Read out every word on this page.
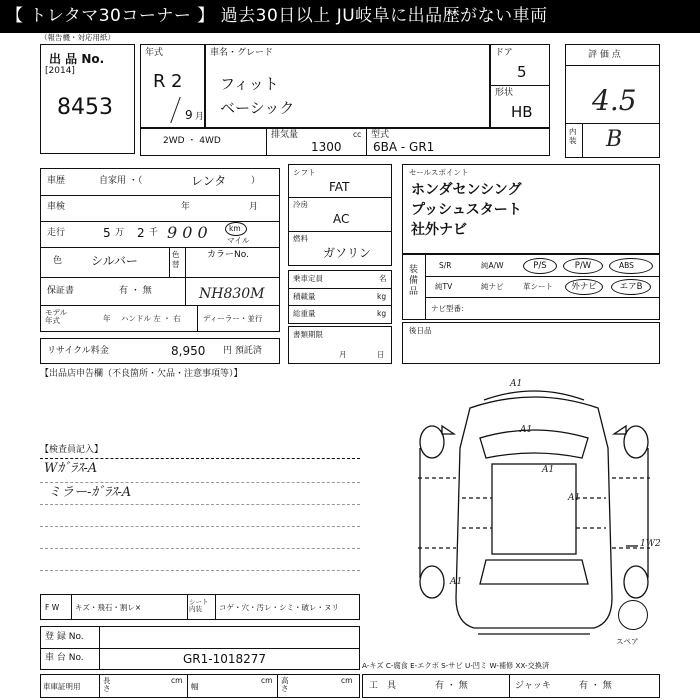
【 トレタマ30コーナー 】 過去30日以上 JU岐阜に出品歴がない車両
（報告機・対応用紙）
出 品 No.
[2014]
8453
年式
R 2
9 月
車名・グレード
フィット
ベーシック
ドア
5
形状
HB
評 価 点
4.5
内装 B
2WD ・ 4WD
排気量	cc
1300
型式
6BA - GR1
車歴	自家用 ・（	レンタ	）
車検	年	月
走行	5 万 2 千 9 0 0	km
マイル
色 シルバー	色替
カラーNo.
保証書	有 ・ 無	NH830M
モデル年式	年 ハンドル 左 ・ 右	ディーラー・並行
リサイクル料金	8,950 円 預託済
【出品店申告欄（不良箇所・欠品・注意事項等）】
【検査員記入】
Wｶﾞﾗｽ-A
ミラー-ｶﾞﾗｽ-A
シフト
FAT
冷房
AC
燃料
ガソリン
乗車定員	名
積載量	kg
総重量	kg
書類期限
月	日
セールスポイント
ホンダセンシング
プッシュスタート
社外ナビ
装備品
S/R	純A/W	P/S	P/W	ABS
純TV	純ナビ	革シート	外ナビ	エアB
ナビ型番：
後日品
A1
A1
A1
A1
A1
1W2
スペア
F W キズ・飛石・割レ×
シート内装	コゲ・穴・汚レ・シミ・破レ・ヌリ
登 録 No.
車 台 No.	GR1-1018277
車庫証明用
長さ
cm
幅
cm 高さ
cm
A-キズ C-腐食 E-エクボ S-サビ U-凹ミ W-補修 XX-交換済
工　具	有 ・ 無	ジャッキ	有 ・ 無
